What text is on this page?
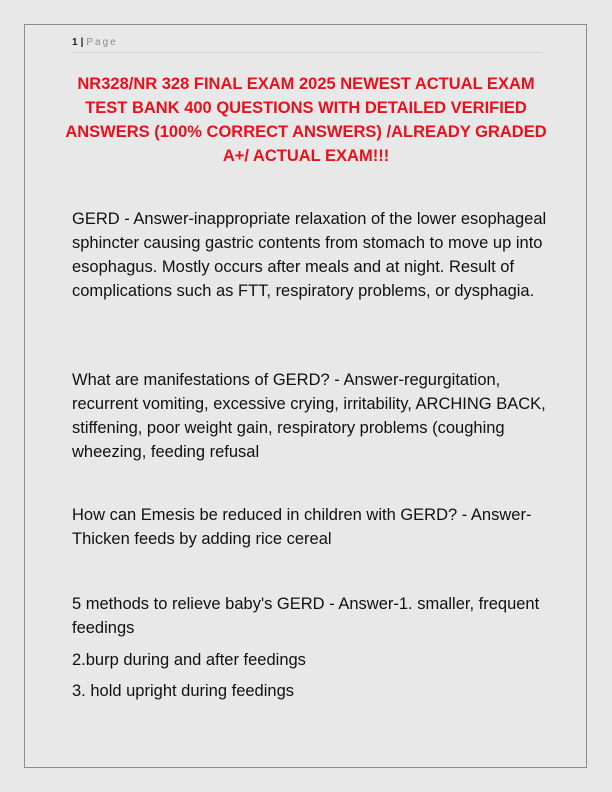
1 | Page
NR328/NR 328 FINAL EXAM 2025 NEWEST ACTUAL EXAM TEST BANK 400 QUESTIONS WITH DETAILED VERIFIED ANSWERS (100% CORRECT ANSWERS) /ALREADY GRADED A+/ ACTUAL EXAM!!!

GERD - Answer-inappropriate relaxation of the lower esophageal sphincter causing gastric contents from stomach to move up into esophagus. Mostly occurs after meals and at night. Result of complications such as FTT, respiratory problems, or dysphagia.

What are manifestations of GERD? - Answer-regurgitation, recurrent vomiting, excessive crying, irritability, ARCHING BACK, stiffening, poor weight gain, respiratory problems (coughing wheezing, feeding refusal

How can Emesis be reduced in children with GERD? - Answer-Thicken feeds by adding rice cereal

5 methods to relieve baby's GERD - Answer-1. smaller, frequent feedings

2.burp during and after feedings

3. hold upright during feedings
